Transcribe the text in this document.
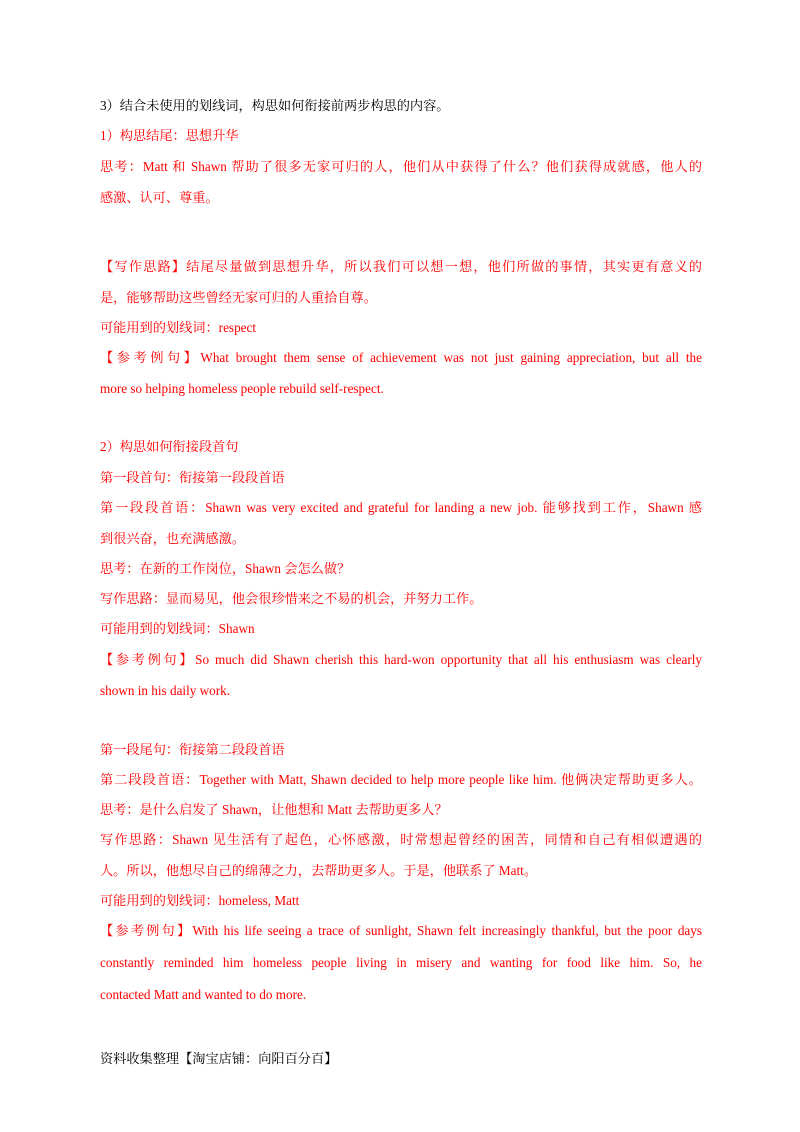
3）结合未使用的划线词，构思如何衔接前两步构思的内容。
1）构思结尾：思想升华
思考：Matt 和 Shawn 帮助了很多无家可归的人，他们从中获得了什么？他们获得成就感，他人的
感激、认可、尊重。
【写作思路】结尾尽量做到思想升华，所以我们可以想一想，他们所做的事情，其实更有意义的
是，能够帮助这些曾经无家可归的人重拾自尊。
可能用到的划线词：respect
【参考例句】What brought them sense of achievement was not just gaining appreciation, but all the
more so helping homeless people rebuild self-respect.
2）构思如何衔接段首句
第一段首句：衔接第一段段首语
第一段段首语：Shawn was very excited and grateful for landing a new job. 能够找到工作，Shawn 感
到很兴奋，也充满感激。
思考：在新的工作岗位，Shawn 会怎么做？
写作思路：显而易见，他会很珍惜来之不易的机会，并努力工作。
可能用到的划线词：Shawn
【参考例句】So much did Shawn cherish this hard-won opportunity that all his enthusiasm was clearly
shown in his daily work.
第一段尾句：衔接第二段段首语
第二段段首语：Together with Matt, Shawn decided to help more people like him. 他俩决定帮助更多人。
思考：是什么启发了 Shawn，让他想和 Matt 去帮助更多人？
写作思路：Shawn 见生活有了起色，心怀感激，时常想起曾经的困苦，同情和自己有相似遭遇的
人。所以，他想尽自己的绵薄之力，去帮助更多人。于是，他联系了 Matt。
可能用到的划线词：homeless, Matt
【参考例句】With his life seeing a trace of sunlight, Shawn felt increasingly thankful, but the poor days
constantly reminded him homeless people living in misery and wanting for food like him. So, he
contacted Matt and wanted to do more.
资料收集整理【淘宝店铺：向阳百分百】
